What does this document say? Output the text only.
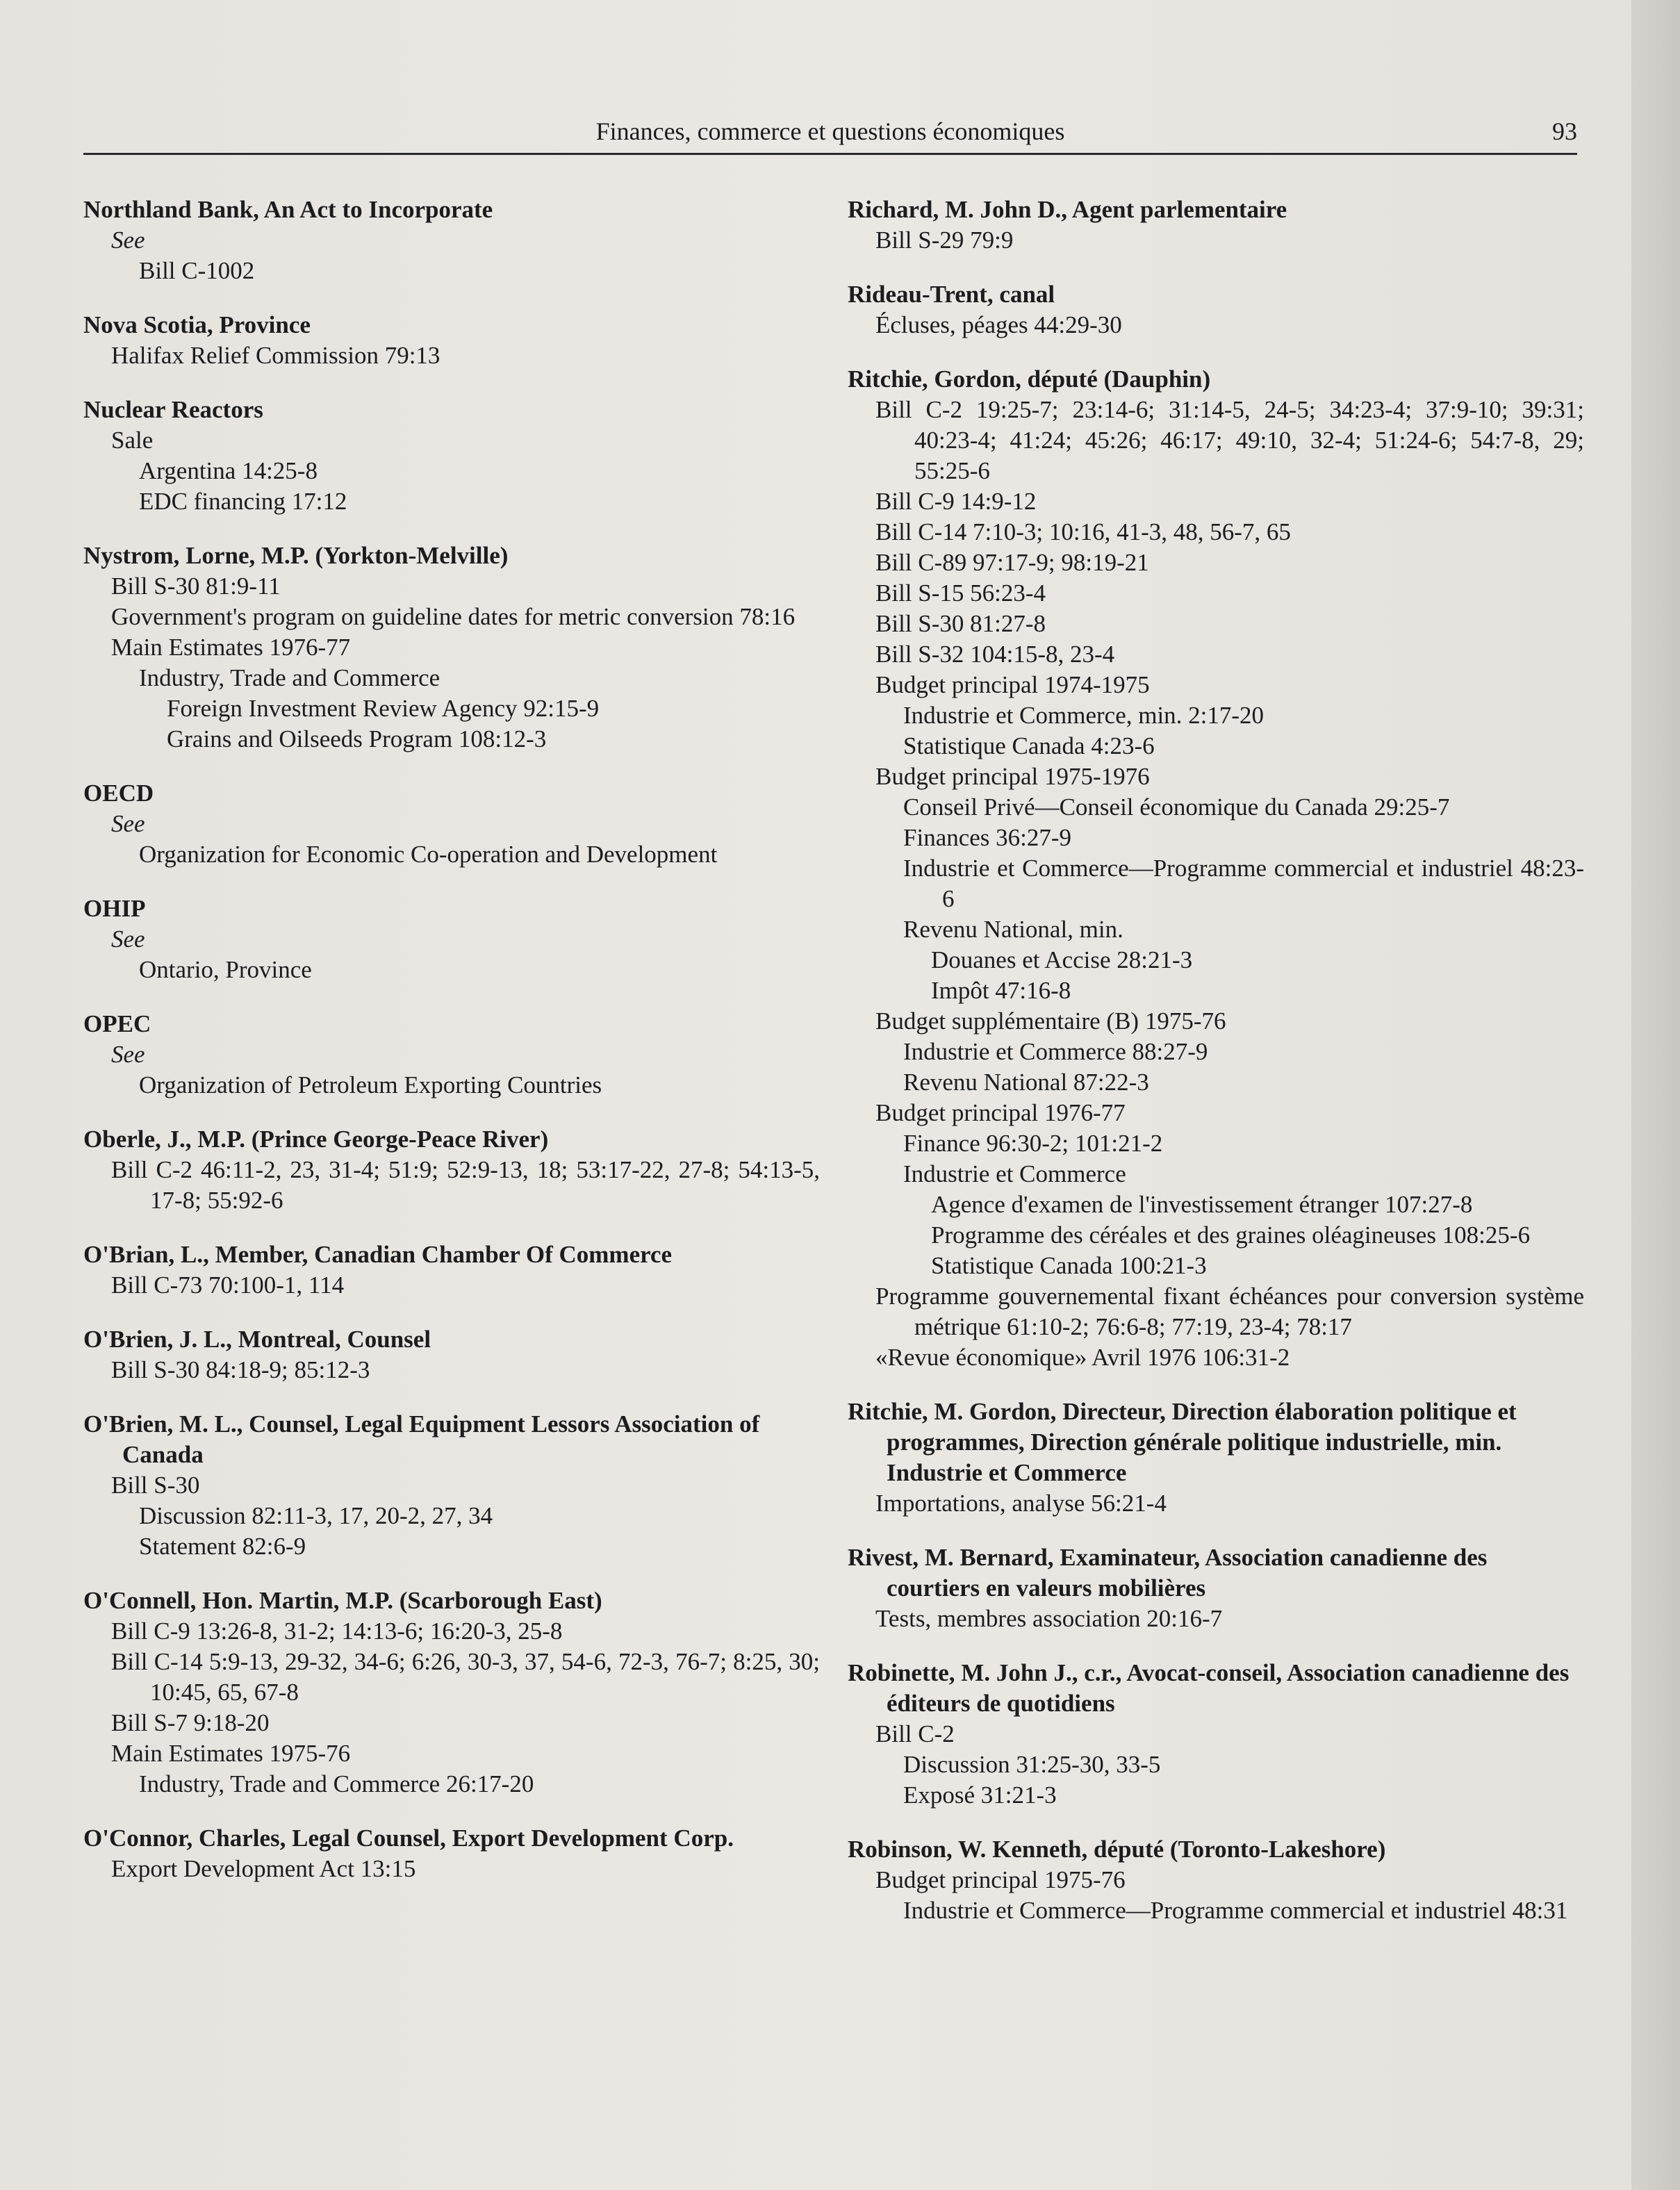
Finances, commerce et questions économiques	93
Northland Bank, An Act to Incorporate
See
Bill C-1002
Nova Scotia, Province
Halifax Relief Commission 79:13
Nuclear Reactors
Sale
Argentina 14:25-8
EDC financing 17:12
Nystrom, Lorne, M.P. (Yorkton-Melville)
Bill S-30 81:9-11
Government's program on guideline dates for metric conversion 78:16
Main Estimates 1976-77
Industry, Trade and Commerce
Foreign Investment Review Agency 92:15-9
Grains and Oilseeds Program 108:12-3
OECD
See
Organization for Economic Co-operation and Development
OHIP
See
Ontario, Province
OPEC
See
Organization of Petroleum Exporting Countries
Oberle, J., M.P. (Prince George-Peace River)
Bill C-2 46:11-2, 23, 31-4; 51:9; 52:9-13, 18; 53:17-22, 27-8; 54:13-5, 17-8; 55:92-6
O'Brian, L., Member, Canadian Chamber Of Commerce
Bill C-73 70:100-1, 114
O'Brien, J. L., Montreal, Counsel
Bill S-30 84:18-9; 85:12-3
O'Brien, M. L., Counsel, Legal Equipment Lessors Association of Canada
Bill S-30
Discussion 82:11-3, 17, 20-2, 27, 34
Statement 82:6-9
O'Connell, Hon. Martin, M.P. (Scarborough East)
Bill C-9 13:26-8, 31-2; 14:13-6; 16:20-3, 25-8
Bill C-14 5:9-13, 29-32, 34-6; 6:26, 30-3, 37, 54-6, 72-3, 76-7; 8:25, 30; 10:45, 65, 67-8
Bill S-7 9:18-20
Main Estimates 1975-76
Industry, Trade and Commerce 26:17-20
O'Connor, Charles, Legal Counsel, Export Development Corp.
Export Development Act 13:15
Richard, M. John D., Agent parlementaire
Bill S-29 79:9
Rideau-Trent, canal
Écluses, péages 44:29-30
Ritchie, Gordon, député (Dauphin)
Bill C-2 19:25-7; 23:14-6; 31:14-5, 24-5; 34:23-4; 37:9-10; 39:31; 40:23-4; 41:24; 45:26; 46:17; 49:10, 32-4; 51:24-6; 54:7-8, 29; 55:25-6
Bill C-9 14:9-12
Bill C-14 7:10-3; 10:16, 41-3, 48, 56-7, 65
Bill C-89 97:17-9; 98:19-21
Bill S-15 56:23-4
Bill S-30 81:27-8
Bill S-32 104:15-8, 23-4
Budget principal 1974-1975
Industrie et Commerce, min. 2:17-20
Statistique Canada 4:23-6
Budget principal 1975-1976
Conseil Privé—Conseil économique du Canada 29:25-7
Finances 36:27-9
Industrie et Commerce—Programme commercial et industriel 48:23-6
Revenu National, min.
Douanes et Accise 28:21-3
Impôt 47:16-8
Budget supplémentaire (B) 1975-76
Industrie et Commerce 88:27-9
Revenu National 87:22-3
Budget principal 1976-77
Finance 96:30-2; 101:21-2
Industrie et Commerce
Agence d'examen de l'investissement étranger 107:27-8
Programme des céréales et des graines oléagineuses 108:25-6
Statistique Canada 100:21-3
Programme gouvernemental fixant échéances pour conversion système métrique 61:10-2; 76:6-8; 77:19, 23-4; 78:17
«Revue économique» Avril 1976 106:31-2
Ritchie, M. Gordon, Directeur, Direction élaboration politique et programmes, Direction générale politique industrielle, min. Industrie et Commerce
Importations, analyse 56:21-4
Rivest, M. Bernard, Examinateur, Association canadienne des courtiers en valeurs mobilières
Tests, membres association 20:16-7
Robinette, M. John J., c.r., Avocat-conseil, Association canadienne des éditeurs de quotidiens
Bill C-2
Discussion 31:25-30, 33-5
Exposé 31:21-3
Robinson, W. Kenneth, député (Toronto-Lakeshore)
Budget principal 1975-76
Industrie et Commerce—Programme commercial et industriel 48:31
